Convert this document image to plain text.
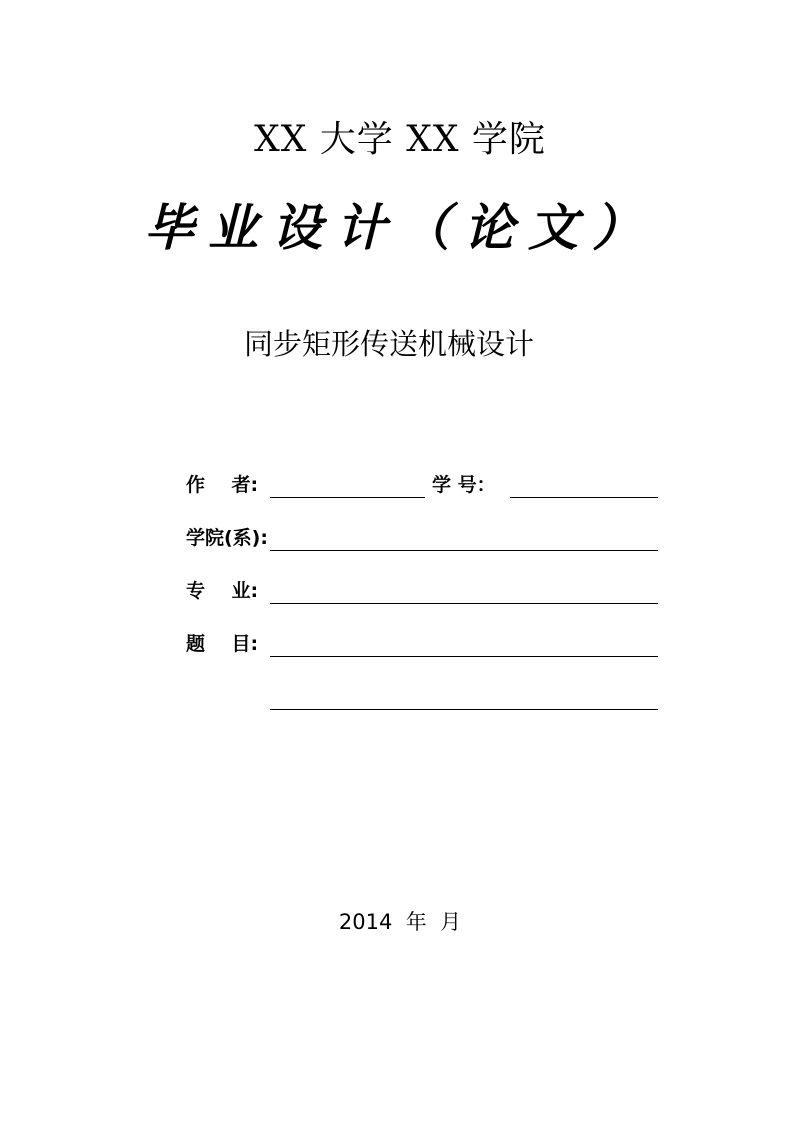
XX 大学 XX 学院
毕业设计（论文）
同步矩形传送机械设计
作    者:	学 号：
学院(系):
专    业:
题    目:
2014  年  月
